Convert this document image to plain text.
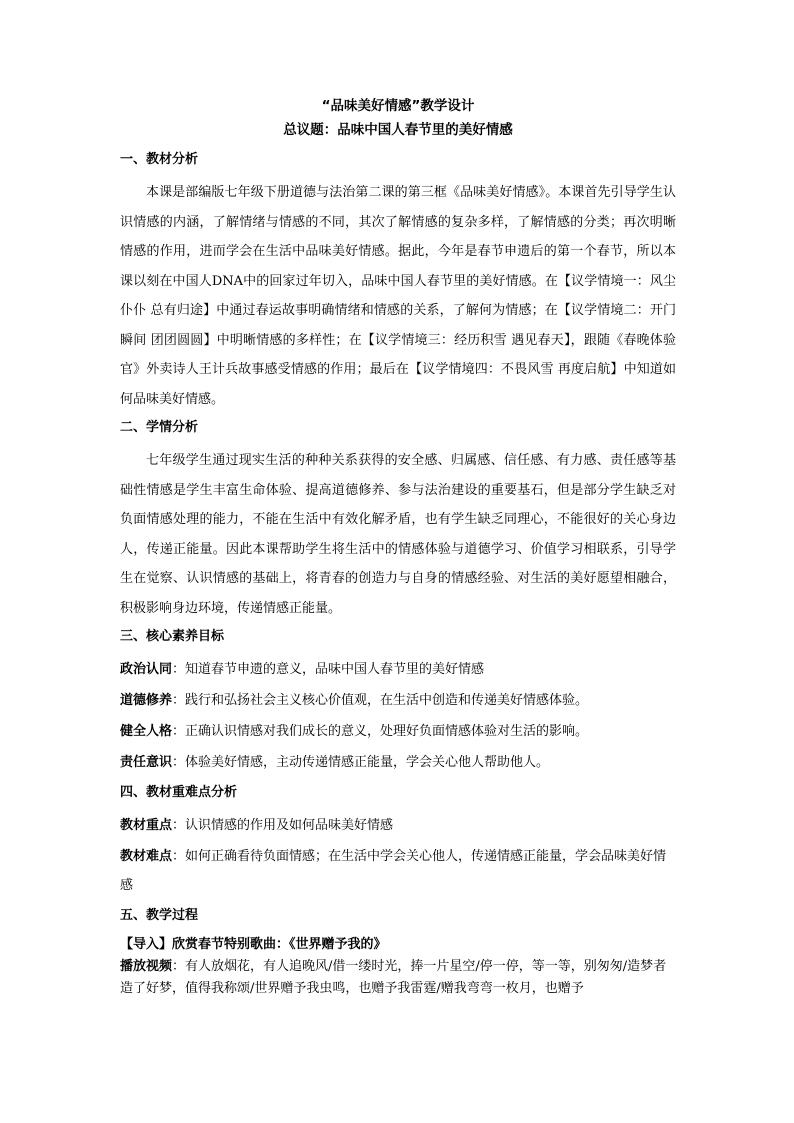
“品味美好情感”教学设计
总议题：品味中国人春节里的美好情感
一、教材分析

本课是部编版七年级下册道德与法治第二课的第三框《品味美好情感》。本课首先引导学生认识情感的内涵，了解情绪与情感的不同，其次了解情感的复杂多样，了解情感的分类；再次明晰情感的作用，进而学会在生活中品味美好情感。据此，今年是春节申遗后的第一个春节，所以本课以刻在中国人DNA中的回家过年切入，品味中国人春节里的美好情感。在【议学情境一：风尘仆仆 总有归途】中通过春运故事明确情绪和情感的关系，了解何为情感；在【议学情境二：开门瞬间 团团圆圆】中明晰情感的多样性；在【议学情境三：经历积雪 遇见春天】，跟随《春晚体验官》外卖诗人王计兵故事感受情感的作用；最后在【议学情境四：不畏风雪 再度启航】中知道如何品味美好情感。

二、学情分析

七年级学生通过现实生活的种种关系获得的安全感、归属感、信任感、有力感、责任感等基础性情感是学生丰富生命体验、提高道德修养、参与法治建设的重要基石，但是部分学生缺乏对负面情感处理的能力，不能在生活中有效化解矛盾，也有学生缺乏同理心，不能很好的关心身边人，传递正能量。因此本课帮助学生将生活中的情感体验与道德学习、价值学习相联系，引导学生在觉察、认识情感的基础上，将青春的创造力与自身的情感经验、对生活的美好愿望相融合，积极影响身边环境，传递情感正能量。

三、核心素养目标
政治认同：知道春节申遗的意义，品味中国人春节里的美好情感
道德修养：践行和弘扬社会主义核心价值观，在生活中创造和传递美好情感体验。
健全人格：正确认识情感对我们成长的意义，处理好负面情感体验对生活的影响。
责任意识：体验美好情感，主动传递情感正能量，学会关心他人帮助他人。
四、教材重难点分析
教材重点：认识情感的作用及如何品味美好情感
教材难点：如何正确看待负面情感；在生活中学会关心他人，传递情感正能量，学会品味美好情感
五、教学过程
【导入】欣赏春节特别歌曲：《世界赠予我的》
播放视频：有人放烟花，有人追晚风/借一缕时光，捧一片星空/停一停，等一等，别匆匆/造梦者造了好梦，值得我称颂/世界赠予我虫鸣，也赠予我雷霆/赠我弯弯一枚月，也赠予
